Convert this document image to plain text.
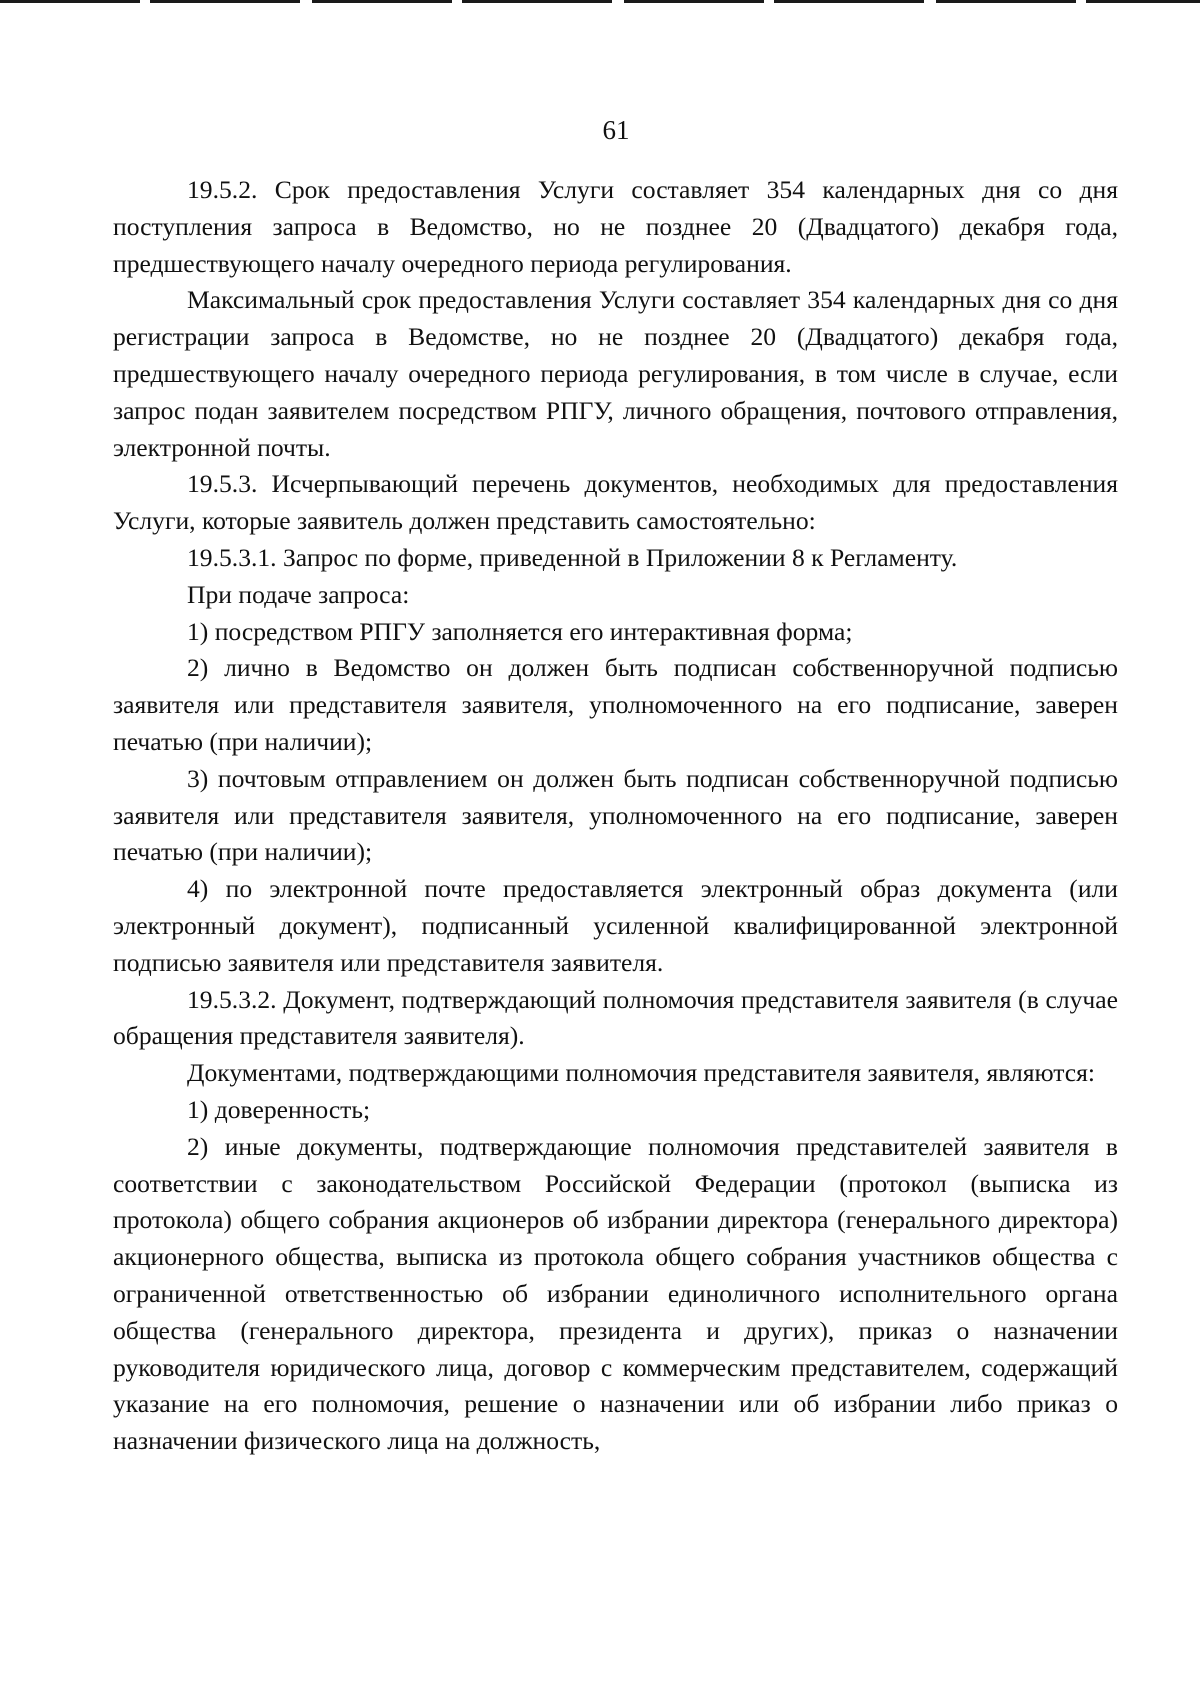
61

19.5.2. Срок предоставления Услуги составляет 354 календарных дня со дня поступления запроса в Ведомство, но не позднее 20 (Двадцатого) декабря года, предшествующего началу очередного периода регулирования.

Максимальный срок предоставления Услуги составляет 354 календарных дня со дня регистрации запроса в Ведомстве, но не позднее 20 (Двадцатого) декабря года, предшествующего началу очередного периода регулирования, в том числе в случае, если запрос подан заявителем посредством РПГУ, личного обращения, почтового отправления, электронной почты.

19.5.3. Исчерпывающий перечень документов, необходимых для предоставления Услуги, которые заявитель должен представить самостоятельно:

19.5.3.1. Запрос по форме, приведенной в Приложении 8 к Регламенту.

При подаче запроса:

1) посредством РПГУ заполняется его интерактивная форма;

2) лично в Ведомство он должен быть подписан собственноручной подписью заявителя или представителя заявителя, уполномоченного на его подписание, заверен печатью (при наличии);

3) почтовым отправлением он должен быть подписан собственноручной подписью заявителя или представителя заявителя, уполномоченного на его подписание, заверен печатью (при наличии);

4) по электронной почте предоставляется электронный образ документа (или электронный документ), подписанный усиленной квалифицированной электронной подписью заявителя или представителя заявителя.

19.5.3.2. Документ, подтверждающий полномочия представителя заявителя (в случае обращения представителя заявителя).

Документами, подтверждающими полномочия представителя заявителя, являются:

1) доверенность;

2) иные документы, подтверждающие полномочия представителей заявителя в соответствии с законодательством Российской Федерации (протокол (выписка из протокола) общего собрания акционеров об избрании директора (генерального директора) акционерного общества, выписка из протокола общего собрания участников общества с ограниченной ответственностью об избрании единоличного исполнительного органа общества (генерального директора, президента и других), приказ о назначении руководителя юридического лица, договор с коммерческим представителем, содержащий указание на его полномочия, решение о назначении или об избрании либо приказ о назначении физического лица на должность,
